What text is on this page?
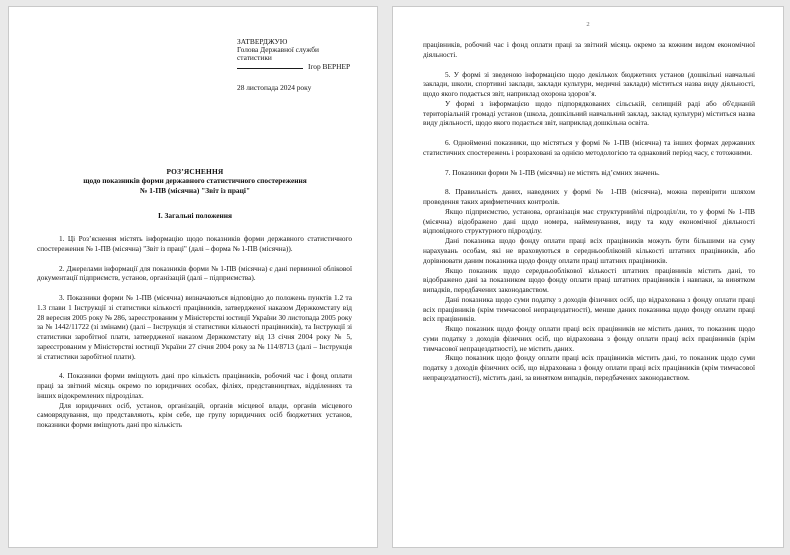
ЗАТВЕРДЖУЮ
Голова Державної служби
статистики
Ігор ВЕРНЕР
28 листопада 2024 року
РОЗ’ЯСНЕННЯ
щодо показників форми державного статистичного спостереження
№ 1-ПВ (місячна) "Звіт із праці"
І. Загальні положення

1. Ці Роз’яснення містять інформацію щодо показників форми державного статистичного спостереження № 1-ПВ (місячна) "Звіт із праці" (далі – форма № 1-ПВ (місячна)).

2. Джерелами інформації для показників форми № 1-ПВ (місячна) є дані первинної облікової документації підприємств, установ, організацій (далі – підприємства).

3. Показники форми № 1-ПВ (місячна) визначаються відповідно до положень пунктів 1.2 та 1.3 глави 1 Інструкції зі статистики кількості працівників, затвердженої наказом Держкомстату від 28 вересня 2005 року № 286, зареєстрованим у Міністерстві юстиції України 30 листопада 2005 року за № 1442/11722 (зі змінами) (далі – Інструкція зі статистики кількості працівників), та Інструкції зі статистики заробітної плати, затвердженої наказом Держкомстату від 13 січня 2004 року № 5, зареєстрованим у Міністерстві юстиції України 27 січня 2004 року за № 114/8713 (далі – Інструкція зі статистики заробітної плати).

4. Показники форми вміщують дані про кількість працівників, робочий час і фонд оплати праці за звітний місяць окремо по юридичних особах, філіях, представництвах, відділеннях та інших відокремлених підрозділах.

Для юридичних осіб, установ, організацій, органів місцевої влади, органів місцевого самоврядування, що представляють, крім себе, ще групу юридичних осіб бюджетних установ, показники форми вміщують дані про кількість

2

працівників, робочий час і фонд оплати праці за звітний місяць окремо за кожним видом економічної діяльності.

5. У формі зі зведеною інформацією щодо декількох бюджетних установ (дошкільні навчальні заклади, школи, спортивні заклади, заклади культури, медичні заклади) міститься назва виду діяльності, щодо якого подається звіт, наприклад охорона здоров’я.

У формі з інформацією щодо підпорядкованих сільській, селищній раді або об'єднаній територіальній громаді установ (школа, дошкільний навчальний заклад, заклад культури) міститься назва виду діяльності, щодо якого подається звіт, наприклад дошкільна освіта.

6. Однойменні показники, що містяться у формі № 1-ПВ (місячна) та інших формах державних статистичних спостережень і розраховані за однією методологією та однаковий період часу, є тотожними.

7. Показники форми № 1-ПВ (місячна) не містять від’ємних значень.

8. Правильність даних, наведених у формі № 1-ПВ (місячна), можна перевірити шляхом проведення таких арифметичних контролів.

Якщо підприємство, установа, організація має структурний/ні підрозділ/ли, то у формі № 1-ПВ (місячна) відображено дані щодо номера, найменування, виду та коду економічної діяльності відповідного структурного підрозділу.

Дані показника щодо фонду оплати праці всіх працівників можуть бути більшими на суму нарахувань особам, які не враховуються в середньообліковій кількості штатних працівників, або дорівнювати даним показника щодо фонду оплати праці штатних працівників.

Якщо показник щодо середньооблікової кількості штатних працівників містить дані, то відображено дані за показником щодо фонду оплати праці штатних працівників і навпаки, за винятком випадків, передбачених законодавством.

Дані показника щодо суми податку з доходів фізичних осіб, що відрахована з фонду оплати праці всіх працівників (крім тимчасової непрацездатності), менше даних показника щодо фонду оплати праці всіх працівників.

Якщо показник щодо фонду оплати праці всіх працівників не містить даних, то показник щодо суми податку з доходів фізичних осіб, що відрахована з фонду оплати праці всіх працівників (крім тимчасової непрацездатності), не містить даних.

Якщо показник щодо фонду оплати праці всіх працівників містить дані, то показник щодо суми податку з доходів фізичних осіб, що відрахована з фонду оплати праці всіх працівників (крім тимчасової непрацездатності), містить дані, за винятком випадків, передбачених законодавством.
